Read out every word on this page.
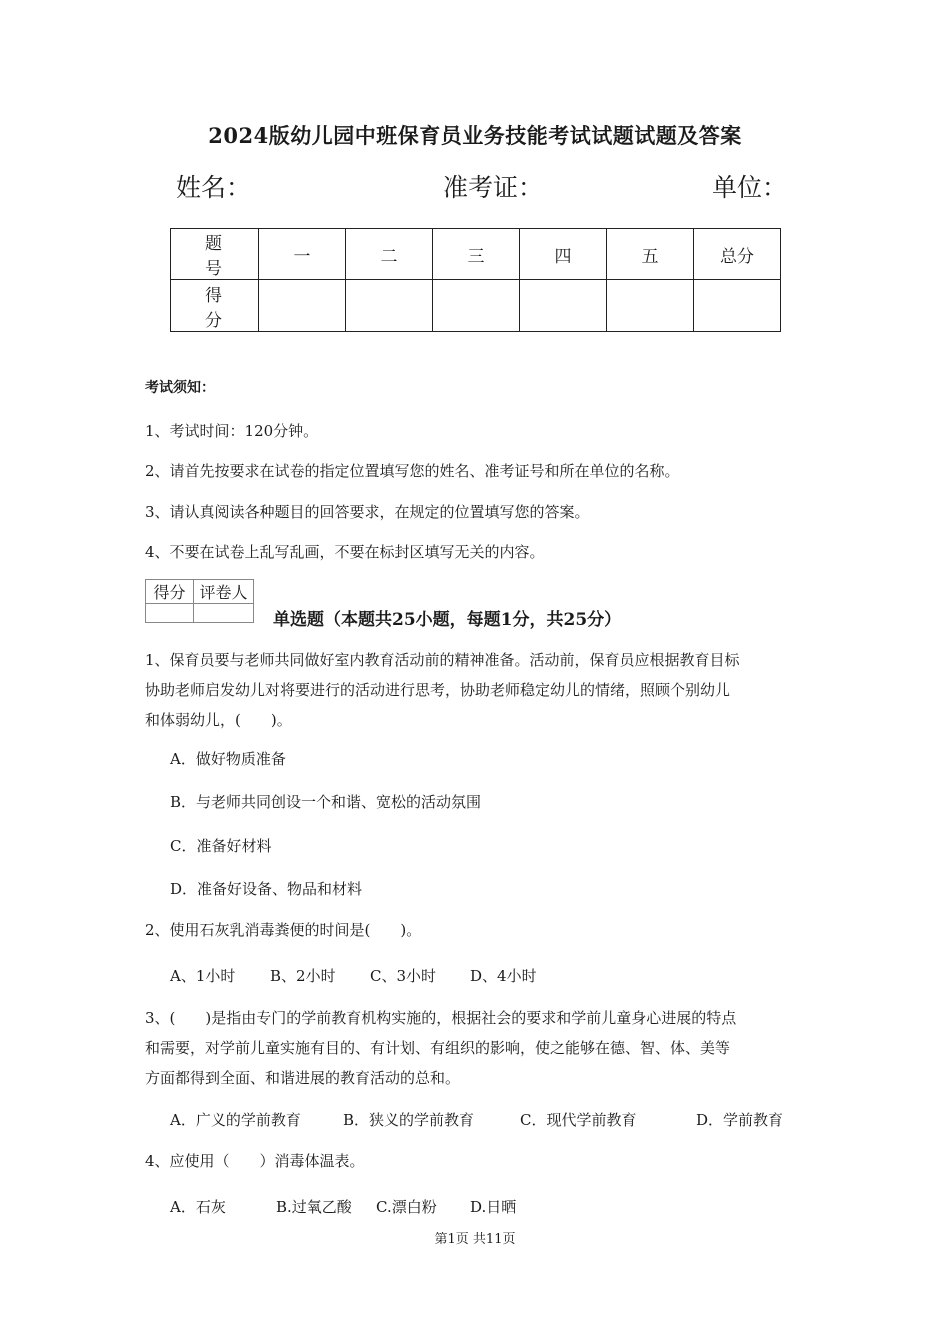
2024版幼儿园中班保育员业务技能考试试题试题及答案
姓名：	准考证：	单位：
题号	一	二	三	四	五	总分
得分						
考试须知：
1、考试时间：120分钟。
2、请首先按要求在试卷的指定位置填写您的姓名、准考证号和所在单位的名称。
3、请认真阅读各种题目的回答要求，在规定的位置填写您的答案。
4、不要在试卷上乱写乱画，不要在标封区填写无关的内容。
得分	评卷人

单选题（本题共25小题，每题1分，共25分）
1、保育员要与老师共同做好室内教育活动前的精神准备。活动前，保育员应根据教育目标
协助老师启发幼儿对将要进行的活动进行思考，协助老师稳定幼儿的情绪，照顾个别幼儿
和体弱幼儿，(　　)。
A．做好物质准备
B．与老师共同创设一个和谐、宽松的活动氛围
C．准备好材料
D．准备好设备、物品和材料
2、使用石灰乳消毒粪便的时间是(　　)。
A、1小时 B、2小时 C、3小时 D、4小时
3、(　　)是指由专门的学前教育机构实施的，根据社会的要求和学前儿童身心进展的特点
和需要，对学前儿童实施有目的、有计划、有组织的影响，使之能够在德、智、体、美等
方面都得到全面、和谐进展的教育活动的总和。
A．广义的学前教育	B．狭义的学前教育	C．现代学前教育	D．学前教育
4、应使用（　　）消毒体温表。
A．石灰	B.过氧乙酸 C.漂白粉 D.日晒
第1页 共11页
